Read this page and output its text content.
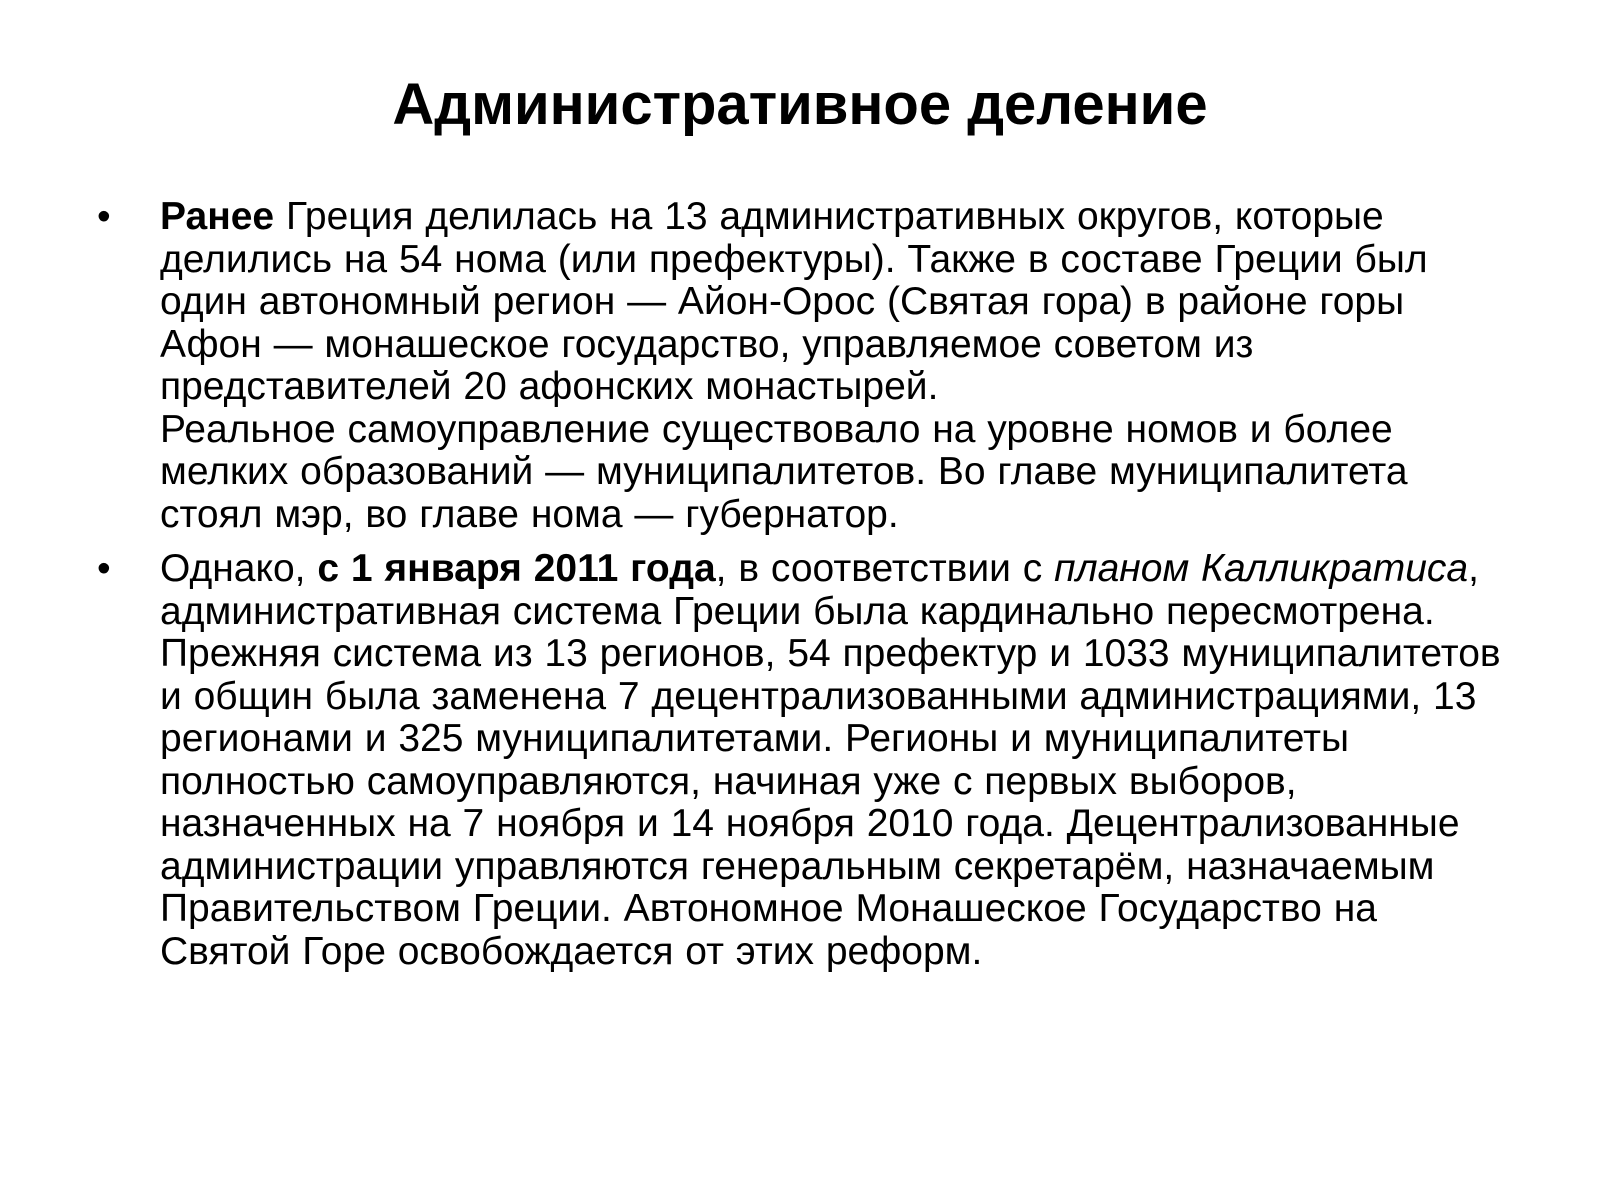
Административное деление
•	Ранее Греция делилась на 13 административных округов, которые делились на 54 нома (или префектуры). Также в составе Греции был один автономный регион — Айон-Орос (Святая гора) в районе горы Афон — монашеское государство, управляемое советом из представителей 20 афонских монастырей.
Реальное самоуправление существовало на уровне номов и более мелких образований — муниципалитетов. Во главе муниципалитета стоял мэр, во главе нома — губернатор.
•	Однако, с 1 января 2011 года, в соответствии с планом Калликратиса, административная система Греции была кардинально пересмотрена. Прежняя система из 13 регионов, 54 префектур и 1033 муниципалитетов и общин была заменена 7 децентрализованными администрациями, 13 регионами и 325 муниципалитетами. Регионы и муниципалитеты полностью самоуправляются, начиная уже с первых выборов, назначенных на 7 ноября и 14 ноября 2010 года. Децентрализованные администрации управляются генеральным секретарём, назначаемым Правительством Греции. Автономное Монашеское Государство на Святой Горе освобождается от этих реформ.
